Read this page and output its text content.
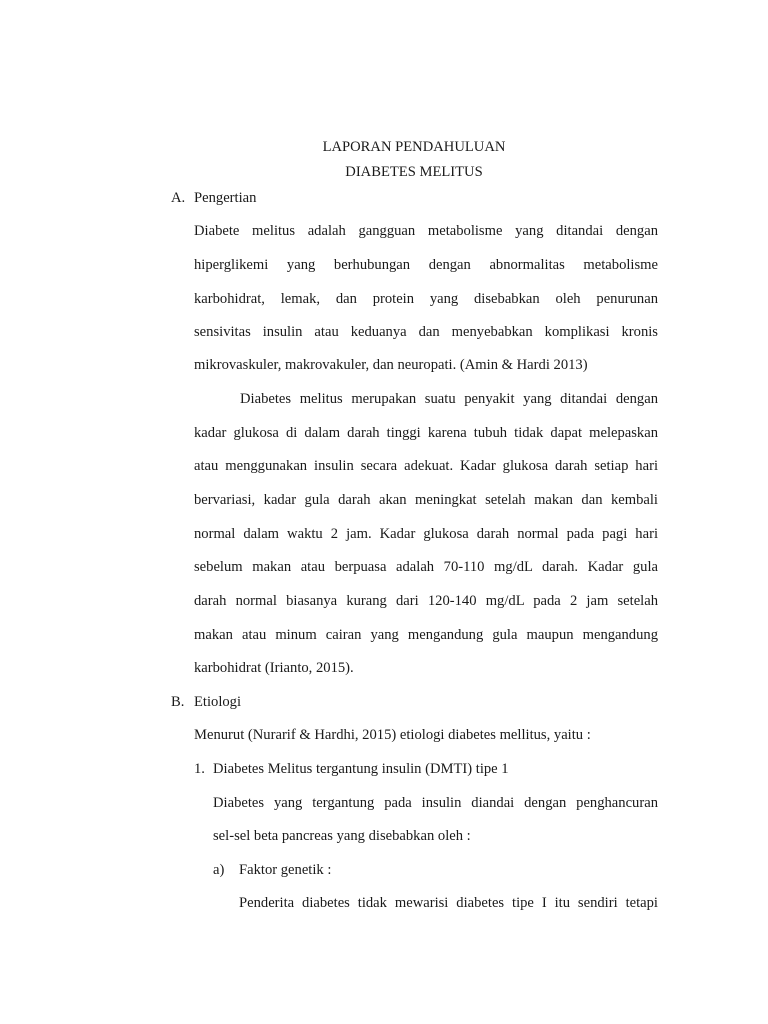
LAPORAN PENDAHULUAN
DIABETES MELITUS
A. Pengertian
Diabete melitus adalah gangguan metabolisme yang ditandai dengan
hiperglikemi yang berhubungan dengan abnormalitas metabolisme
karbohidrat, lemak, dan protein yang disebabkan oleh penurunan
sensivitas insulin atau keduanya dan menyebabkan komplikasi kronis
mikrovaskuler, makrovakuler, dan neuropati. (Amin & Hardi 2013)
Diabetes melitus merupakan suatu penyakit yang ditandai dengan
kadar glukosa di dalam darah tinggi karena tubuh tidak dapat melepaskan
atau menggunakan insulin secara adekuat. Kadar glukosa darah setiap hari
bervariasi, kadar gula darah akan meningkat setelah makan dan kembali
normal dalam waktu 2 jam. Kadar glukosa darah normal pada pagi hari
sebelum makan atau berpuasa adalah 70-110 mg/dL darah. Kadar gula
darah normal biasanya kurang dari 120-140 mg/dL pada 2 jam setelah
makan atau minum cairan yang mengandung gula maupun mengandung
karbohidrat (Irianto, 2015).
B. Etiologi
Menurut (Nurarif & Hardhi, 2015) etiologi diabetes mellitus, yaitu :
1. Diabetes Melitus tergantung insulin (DMTI) tipe 1
Diabetes yang tergantung pada insulin diandai dengan penghancuran
sel-sel beta pancreas yang disebabkan oleh :
a) Faktor genetik :
Penderita diabetes tidak mewarisi diabetes tipe I itu sendiri tetapi
